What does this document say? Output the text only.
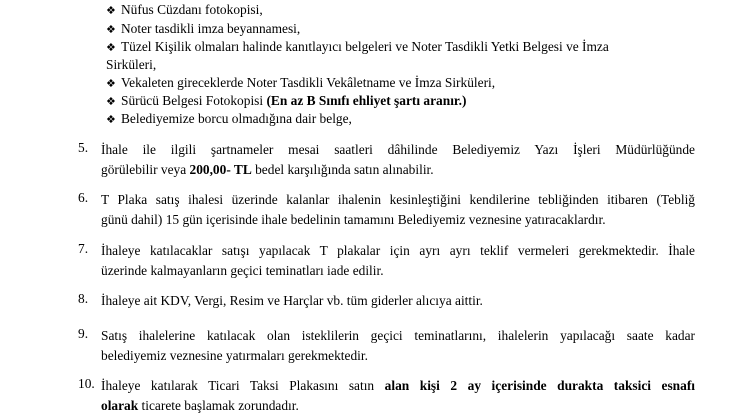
❖ Nüfus Cüzdanı fotokopisi,
❖ Noter tasdikli imza beyannamesi,
❖ Tüzel Kişilik olmaları halinde kanıtlayıcı belgeleri ve Noter Tasdikli Yetki Belgesi ve İmza
Sirküleri,
❖ Vekaleten gireceklerde Noter Tasdikli Vekâletname ve İmza Sirküleri,
❖ Sürücü Belgesi Fotokopisi (En az B Sınıfı ehliyet şartı aranır.)
❖ Belediyemize borcu olmadığına dair belge,
5. İhale ile ilgili şartnameler mesai saatleri dâhilinde Belediyemiz Yazı İşleri Müdürlüğünde
görülebilir veya 200,00- TL bedel karşılığında satın alınabilir.
6. T Plaka satış ihalesi üzerinde kalanlar ihalenin kesinleştiğini kendilerine tebliğinden itibaren (Tebliğ
günü dahil) 15 gün içerisinde ihale bedelinin tamamını Belediyemiz veznesine yatıracaklardır.
7. İhaleye katılacaklar satışı yapılacak T plakalar için ayrı ayrı teklif vermeleri gerekmektedir. İhale
üzerinde kalmayanların geçici teminatları iade edilir.
8. İhaleye ait KDV, Vergi, Resim ve Harçlar vb. tüm giderler alıcıya aittir.
9. Satış ihalelerine katılacak olan isteklilerin geçici teminatlarını, ihalelerin yapılacağı saate kadar
belediyemiz veznesine yatırmaları gerekmektedir.
10. İhaleye katılarak Ticari Taksi Plakasını satın alan kişi 2 ay içerisinde durakta taksici esnafı
olarak ticarete başlamak zorundadır.
